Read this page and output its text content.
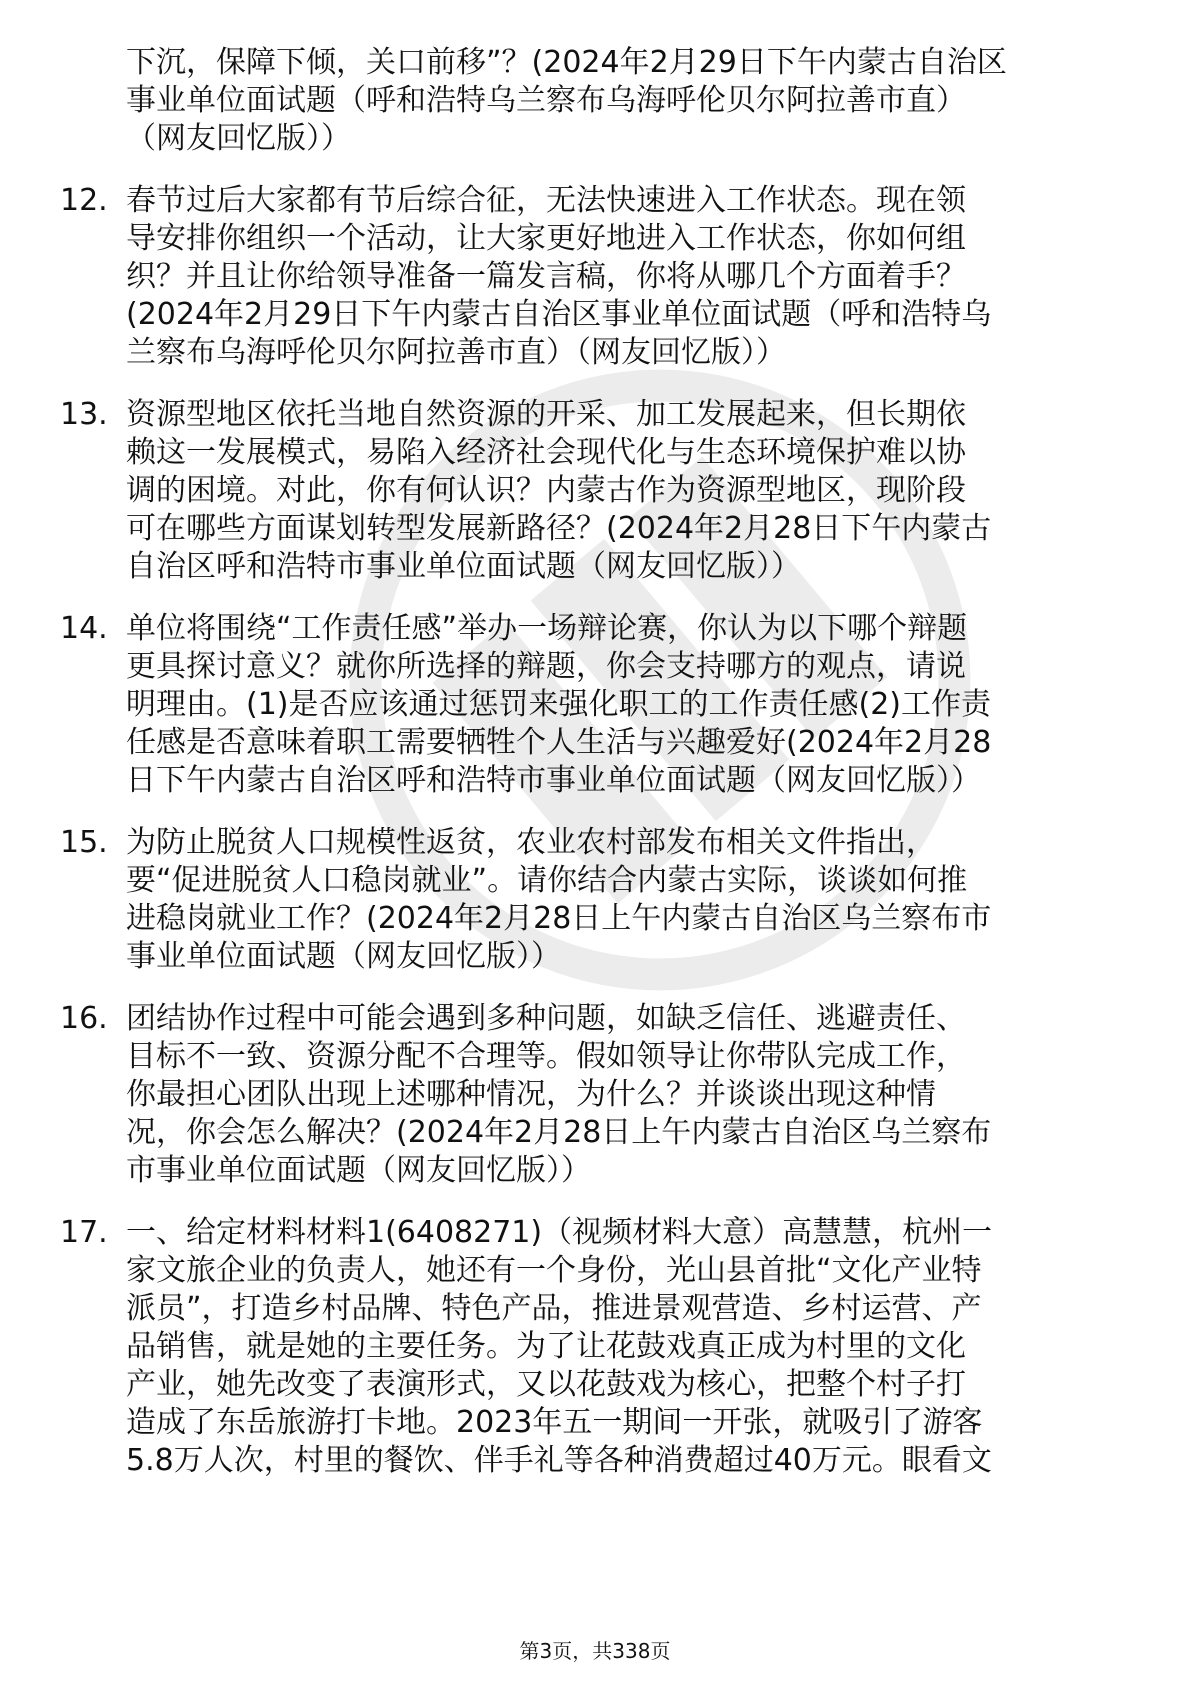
下沉，保障下倾，关口前移”？(2024年2月29日下午内蒙古自治区
事业单位面试题（呼和浩特乌兰察布乌海呼伦贝尔阿拉善市直）
（网友回忆版））
12. 春节过后大家都有节后综合征，无法快速进入工作状态。现在领
导安排你组织一个活动，让大家更好地进入工作状态，你如何组
织？并且让你给领导准备一篇发言稿，你将从哪几个方面着手？
(2024年2月29日下午内蒙古自治区事业单位面试题（呼和浩特乌
兰察布乌海呼伦贝尔阿拉善市直）（网友回忆版））
13. 资源型地区依托当地自然资源的开采、加工发展起来，但长期依
赖这一发展模式，易陷入经济社会现代化与生态环境保护难以协
调的困境。对此，你有何认识？内蒙古作为资源型地区，现阶段
可在哪些方面谋划转型发展新路径？(2024年2月28日下午内蒙古
自治区呼和浩特市事业单位面试题（网友回忆版））
14. 单位将围绕“工作责任感”举办一场辩论赛，你认为以下哪个辩题
更具探讨意义？就你所选择的辩题，你会支持哪方的观点，请说
明理由。(1)是否应该通过惩罚来强化职工的工作责任感(2)工作责
任感是否意味着职工需要牺牲个人生活与兴趣爱好(2024年2月28
日下午内蒙古自治区呼和浩特市事业单位面试题（网友回忆版））
15. 为防止脱贫人口规模性返贫，农业农村部发布相关文件指出，
要“促进脱贫人口稳岗就业”。请你结合内蒙古实际，谈谈如何推
进稳岗就业工作？(2024年2月28日上午内蒙古自治区乌兰察布市
事业单位面试题（网友回忆版））
16. 团结协作过程中可能会遇到多种问题，如缺乏信任、逃避责任、
目标不一致、资源分配不合理等。假如领导让你带队完成工作，
你最担心团队出现上述哪种情况，为什么？并谈谈出现这种情
况，你会怎么解决？(2024年2月28日上午内蒙古自治区乌兰察布
市事业单位面试题（网友回忆版））
17. 一、给定材料材料1(6408271)（视频材料大意）高慧慧，杭州一
家文旅企业的负责人，她还有一个身份，光山县首批“文化产业特
派员”，打造乡村品牌、特色产品，推进景观营造、乡村运营、产
品销售，就是她的主要任务。为了让花鼓戏真正成为村里的文化
产业，她先改变了表演形式，又以花鼓戏为核心，把整个村子打
造成了东岳旅游打卡地。2023年五一期间一开张，就吸引了游客
5.8万人次，村里的餐饮、伴手礼等各种消费超过40万元。眼看文
第3页，共338页
